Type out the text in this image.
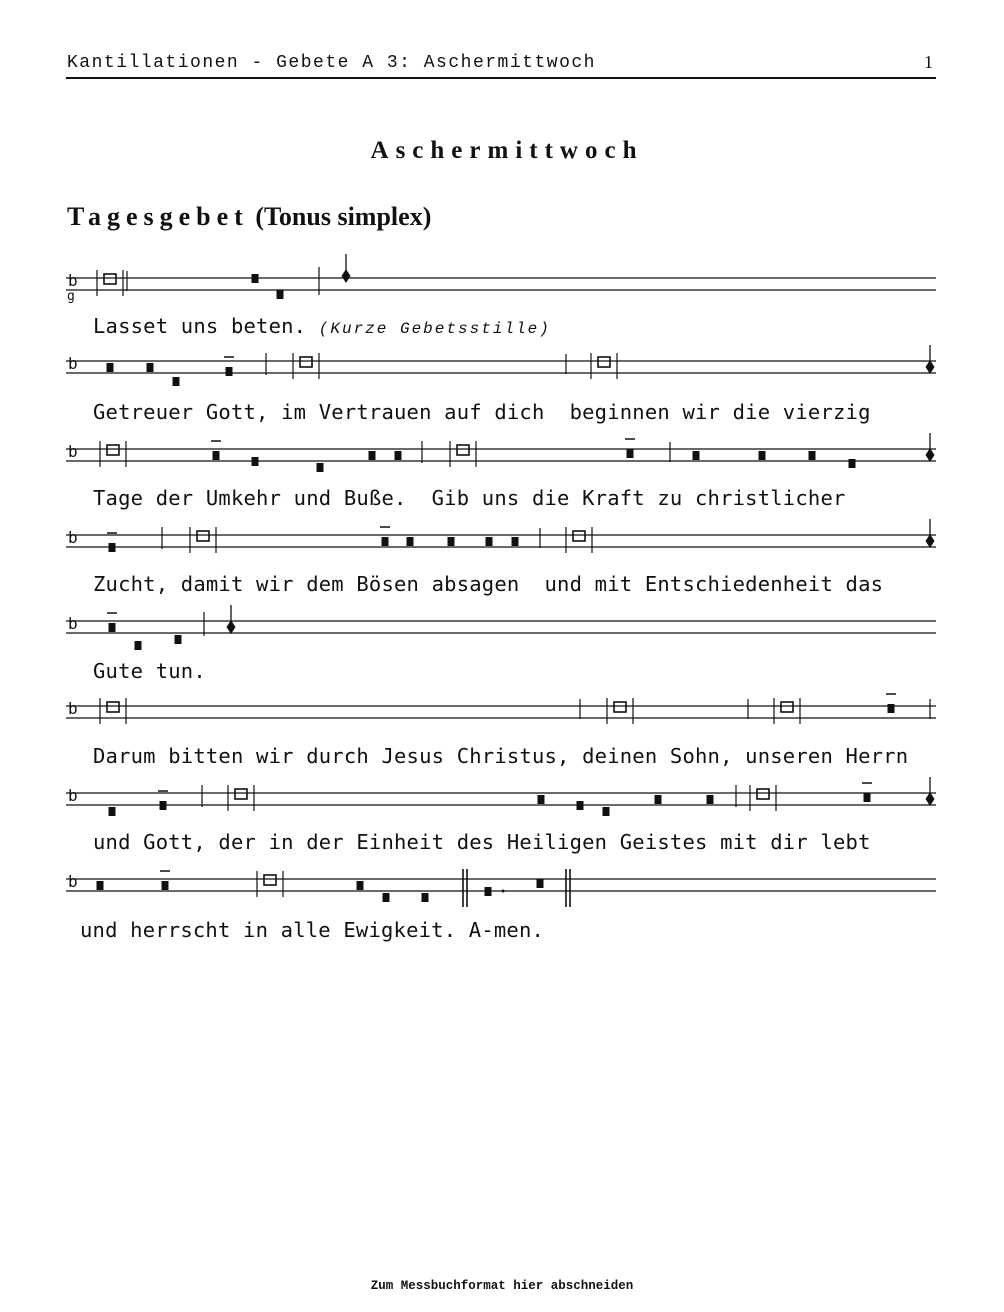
Kantillationen - Gebete A 3: Aschermittwoch	1
Aschermittwoch
Tagesgebet (Tonus simplex)
b
g
b
b
b
b
b
b
b
Lasset uns beten. (Kurze Gebetsstille)
Getreuer Gott, im Vertrauen auf dich  beginnen wir die vierzig
Tage der Umkehr und Buße.  Gib uns die Kraft zu christlicher
Zucht, damit wir dem Bösen absagen  und mit Entschiedenheit das
Gute tun.
Darum bitten wir durch Jesus Christus, deinen Sohn, unseren Herrn
und Gott, der in der Einheit des Heiligen Geistes mit dir lebt
und herrscht in alle Ewigkeit. A-men.
Zum Messbuchformat hier abschneiden
